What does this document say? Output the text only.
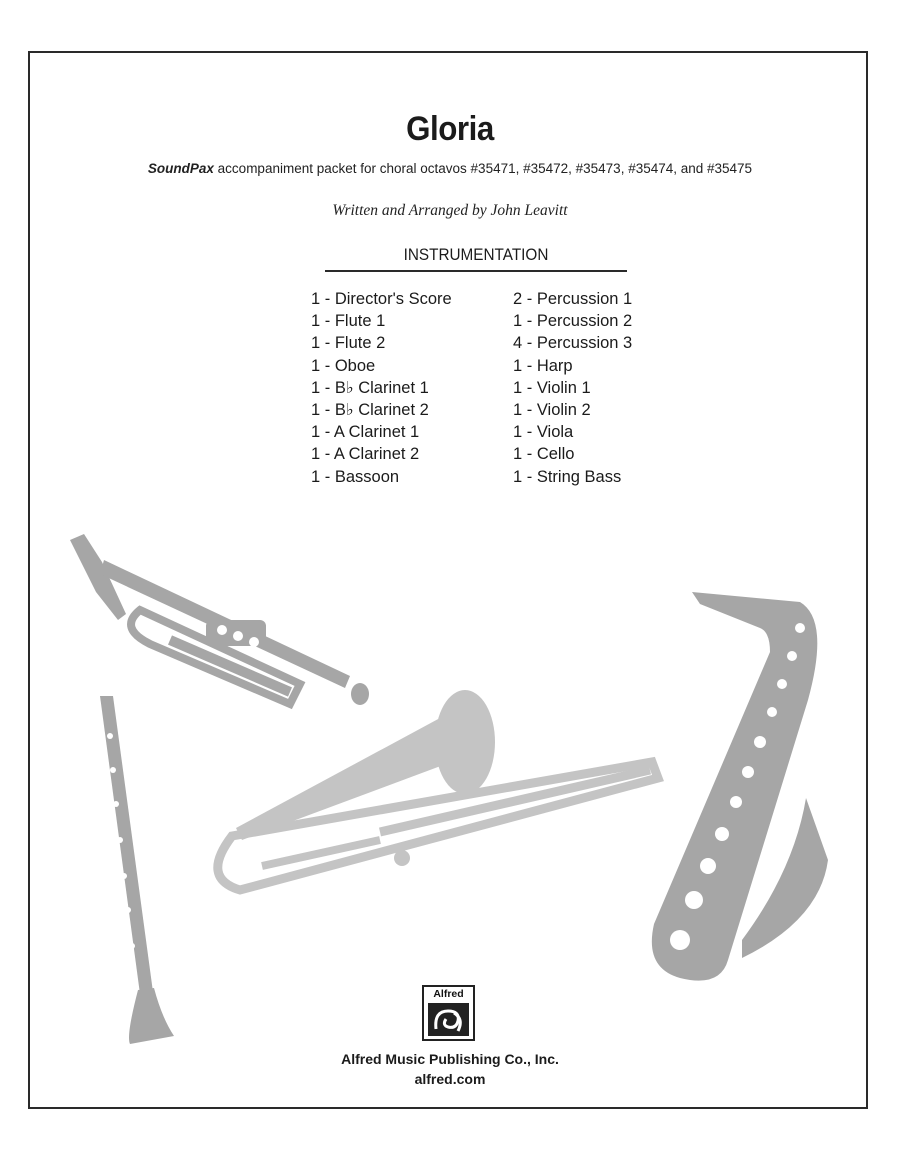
Gloria
SoundPax accompaniment packet for choral octavos #35471, #35472, #35473, #35474, and #35475
Written and Arranged by John Leavitt
INSTRUMENTATION
1 - Director's Score
1 - Flute 1
1 - Flute 2
1 - Oboe
1 - B♭ Clarinet 1
1 - B♭ Clarinet 2
1 - A Clarinet 1
1 - A Clarinet 2
1 - Bassoon
2 - Percussion 1
1 - Percussion 2
4 - Percussion 3
1 - Harp
1 - Violin 1
1 - Violin 2
1 - Viola
1 - Cello
1 - String Bass
Alfred
Alfred Music Publishing Co., Inc.
alfred.com
